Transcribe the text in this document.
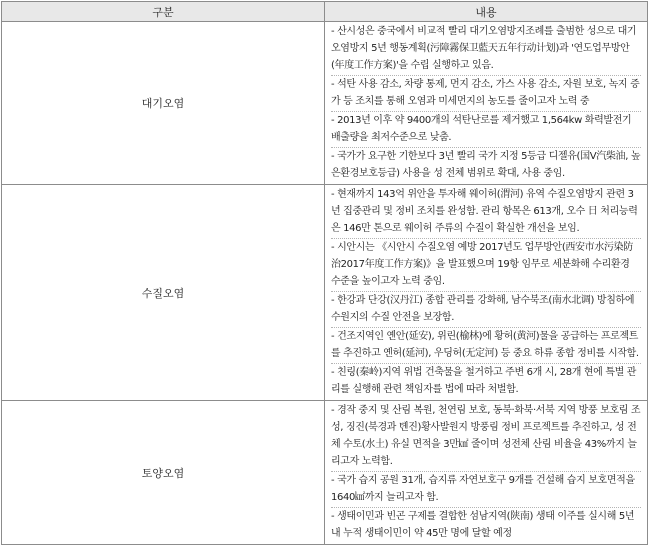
구분	내용
대기오염	- 산시성은 중국에서 비교적 빨리 대기오염방지조례를 출범한 성으로 대기오염방지 5년 행동계획(污障霧保卫藍天五年行动计划)과 '연도업무방안(年度工作方案)'을 수립 실행하고 있음.

- 석탄 사용 감소, 차량 통제, 먼지 감소, 가스 사용 감소, 자원 보호, 녹지 증가 등 조치를 통해 오염과 미세먼지의 농도를 줄이고자 노력 중

- 2013년 이후 약 9400개의 석탄난로를 제거했고 1,564kw 화력발전기 배출량을 최저수준으로 낮춤.

- 국가가 요구한 기한보다 3년 빨리 국가 지정 5등급 디젤유(国Ⅴ汽柴油, 높은환경보호등급) 사용을 성 전체 범위로 확대, 사용 중임.

수질오염	- 현재까지 143억 위안을 투자해 웨이허(渭河) 유역 수질오염방지 관련 3년 집중관리 및 정비 조치를 완성함. 관리 항목은 613개, 오수 日 처리능력은 146만 톤으로 웨이허 주류의 수질이 확실한 개선을 보임.

- 시안시는 《시안시 수질오염 예방 2017년도 업무방안(西安市水污染防治2017年度工作方案)》을 발표했으며 19항 임무로 세분화해 수리환경 수준을 높이고자 노력 중임.

- 한강과 단강(汉丹江) 종합 관리를 강화해, 남수북조(南水北调) 방침하에 수원지의 수질 안전을 보장함.

- 건조지역인 옌안(延安), 위린(榆林)에 황허(黄河)물을 공급하는 프로젝트를 추진하고 옌허(延河), 우딩허(无定河) 등 중요 하류 종합 정비를 시작함.

- 친링(秦岭)지역 위법 건축물을 철거하고 주변 6개 시, 28개 현에 특별 관리를 실행해 관련 책임자를 법에 따라 처벌함.

토양오염	- 경작 중지 및 산림 복원, 천연림 보호, 동북·화북·서북 지역 방풍 보호림 조성, 징진(북경과 톈진)황사발원지 방풍림 정비 프로젝트를 추진하고, 성 전체 수토(水土) 유실 면적을 3만㎢ 줄이며 성전체 산림 비율을 43%까지 늘리고자 노력함.

- 국가 습지 공원 31개, 습지류 자연보호구 9개를 건설해 습지 보호면적을 1640㎢까지 늘리고자 함.

- 생태이민과 빈곤 구제를 결합한 섬남지역(陕南) 생태 이주를 실시해 5년 내 누적 생태이민이 약 45만 명에 달할 예정
